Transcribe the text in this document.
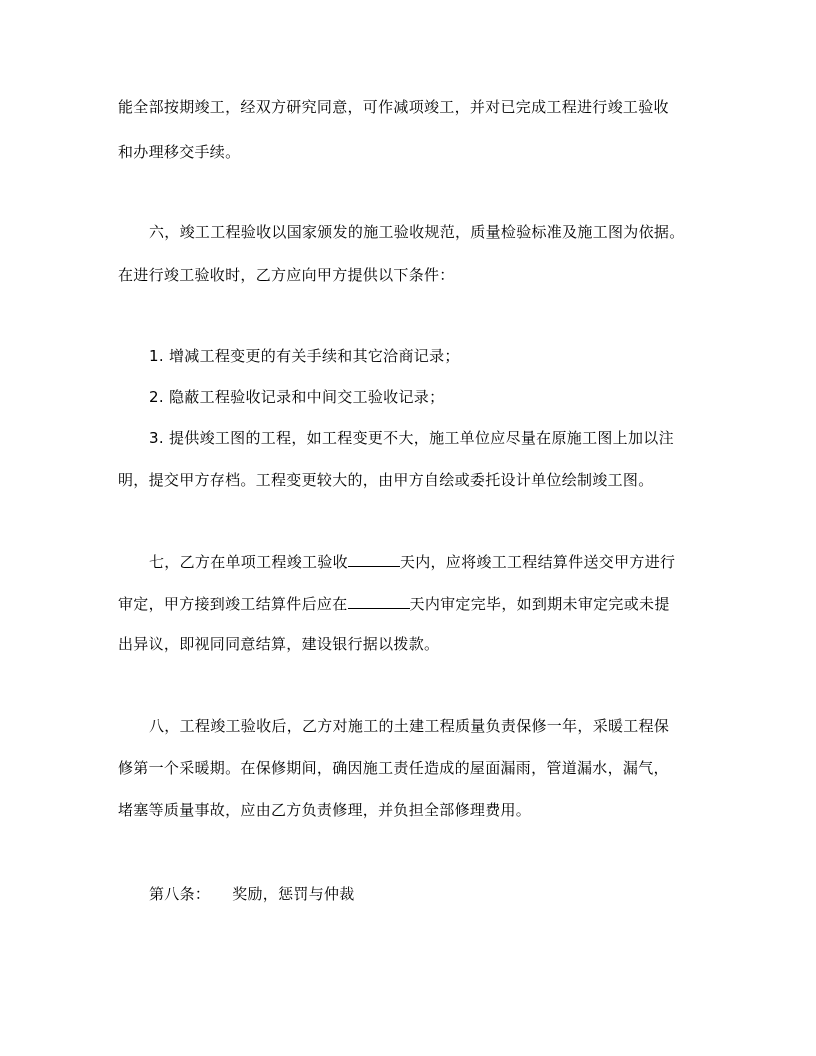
能全部按期竣工，经双方研究同意，可作减项竣工，并对已完成工程进行竣工验收
和办理移交手续。
六，竣工工程验收以国家颁发的施工验收规范，质量检验标准及施工图为依据。
在进行竣工验收时，乙方应向甲方提供以下条件：
1. 增减工程变更的有关手续和其它洽商记录；
2. 隐蔽工程验收记录和中间交工验收记录；
3. 提供竣工图的工程，如工程变更不大，施工单位应尽量在原施工图上加以注
明，提交甲方存档。工程变更较大的，由甲方自绘或委托设计单位绘制竣工图。
七，乙方在单项工程竣工验收	天内，应将竣工工程结算件送交甲方进行
审定，甲方接到竣工结算件后应在	天内审定完毕，如到期未审定完或未提
出异议，即视同同意结算，建设银行据以拨款。
八，工程竣工验收后，乙方对施工的土建工程质量负责保修一年，采暖工程保
修第一个采暖期。在保修期间，确因施工责任造成的屋面漏雨，管道漏水，漏气，
堵塞等质量事故，应由乙方负责修理，并负担全部修理费用。
第八条： 奖励，惩罚与仲裁
